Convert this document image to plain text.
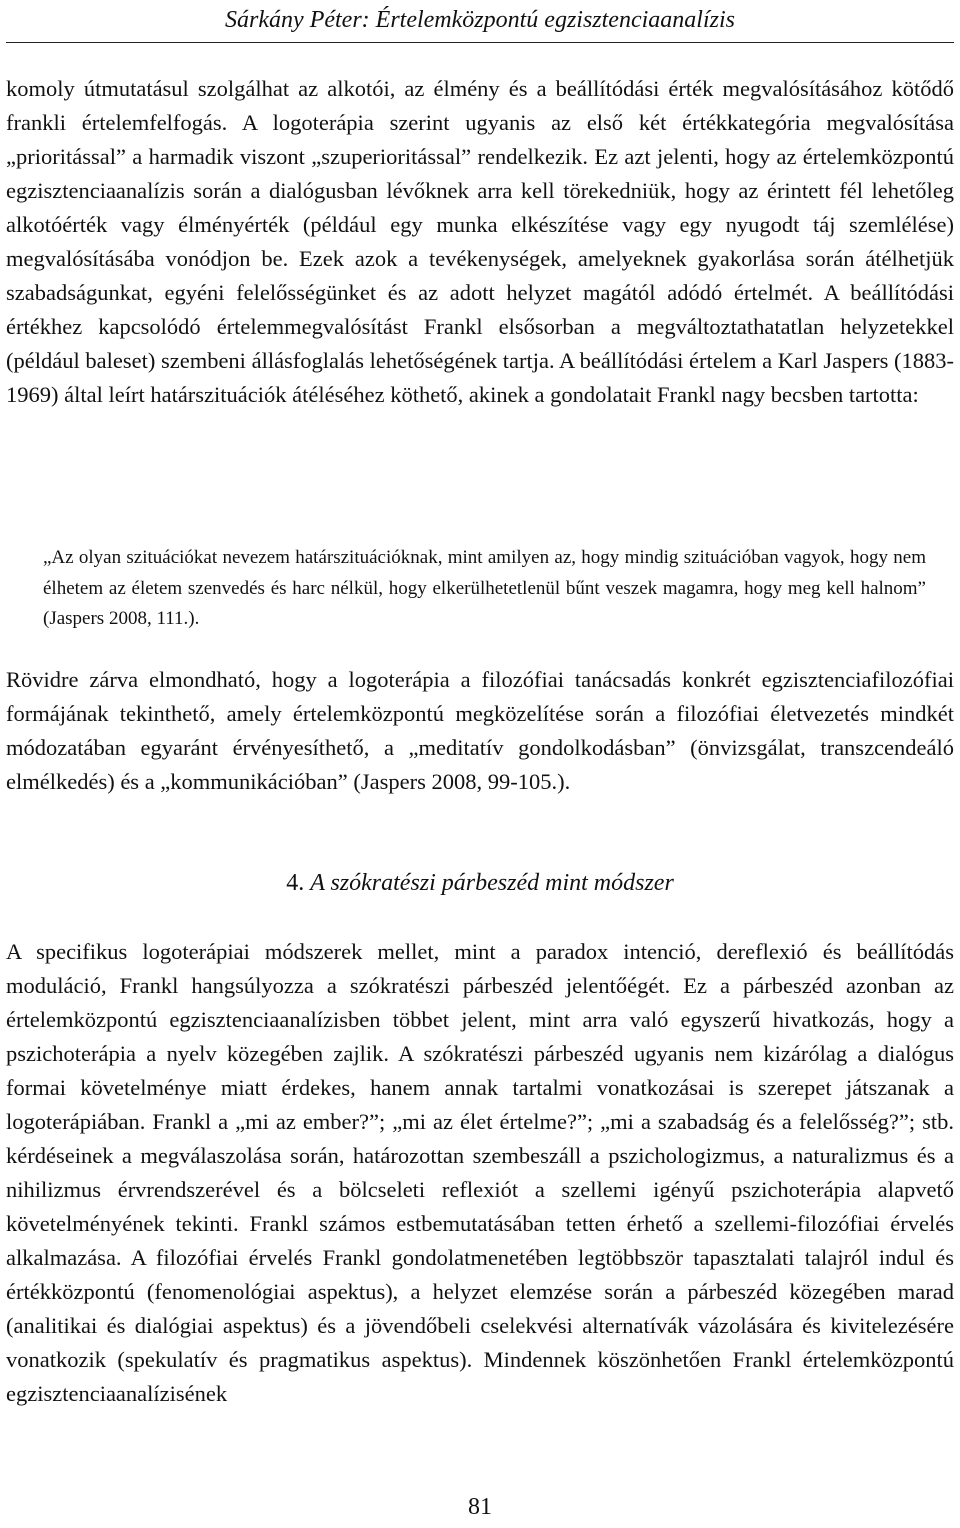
Sárkány Péter: Értelemközpontú egzisztenciaanalízis

komoly útmutatásul szolgálhat az alkotói, az élmény és a beállítódási érték megvalósításához kötődő frankli értelemfelfogás. A logoterápia szerint ugyanis az első két értékkategória megvalósítása „prioritással” a harmadik viszont „szuperioritással” rendelkezik. Ez azt jelenti, hogy az értelemközpontú egzisztenciaanalízis során a dialógusban lévőknek arra kell törekedniük, hogy az érintett fél lehetőleg alkotóérték vagy élményérték (például egy munka elkészítése vagy egy nyugodt táj szemlélése) megvalósításába vonódjon be. Ezek azok a tevékenységek, amelyeknek gyakorlása során átélhetjük szabadságunkat, egyéni felelősségünket és az adott helyzet magától adódó értelmét. A beállítódási értékhez kapcsolódó értelemmegvalósítást Frankl elsősorban a megváltoztathatatlan helyzetekkel (például baleset) szembeni állásfoglalás lehetőségének tartja. A beállítódási értelem a Karl Jaspers (1883-1969) által leírt határszituációk átéléséhez köthető, akinek a gondolatait Frankl nagy becsben tartotta:

„Az olyan szituációkat nevezem határszituációknak, mint amilyen az, hogy mindig szituációban vagyok, hogy nem élhetem az életem szenvedés és harc nélkül, hogy elkerülhetetlenül bűnt veszek magamra, hogy meg kell halnom” (Jaspers 2008, 111.).

Rövidre zárva elmondható, hogy a logoterápia a filozófiai tanácsadás konkrét egzisztenciafilozófiai formájának tekinthető, amely értelemközpontú megközelítése során a filozófiai életvezetés mindkét módozatában egyaránt érvényesíthető, a „meditatív gondolkodásban” (önvizsgálat, transzcendeáló elmélkedés) és a „kommunikációban” (Jaspers 2008, 99-105.).

4. A szókratészi párbeszéd mint módszer

A specifikus logoterápiai módszerek mellet, mint a paradox intenció, dereflexió és beállítódás moduláció, Frankl hangsúlyozza a szókratészi párbeszéd jelentőégét. Ez a párbeszéd azonban az értelemközpontú egzisztenciaanalízisben többet jelent, mint arra való egyszerű hivatkozás, hogy a pszichoterápia a nyelv közegében zajlik. A szókratészi párbeszéd ugyanis nem kizárólag a dialógus formai követelménye miatt érdekes, hanem annak tartalmi vonatkozásai is szerepet játszanak a logoterápiában. Frankl a „mi az ember?”; „mi az élet értelme?”; „mi a szabadság és a felelősség?”; stb. kérdéseinek a megválaszolása során, határozottan szembeszáll a pszichologizmus, a naturalizmus és a nihilizmus érvrendszerével és a bölcseleti reflexiót a szellemi igényű pszichoterápia alapvető követelményének tekinti. Frankl számos estbemutatásában tetten érhető a szellemi-filozófiai érvelés alkalmazása. A filozófiai érvelés Frankl gondolatmenetében legtöbbször tapasztalati talajról indul és értékközpontú (fenomenológiai aspektus), a helyzet elemzése során a párbeszéd közegében marad (analitikai és dialógiai aspektus) és a jövendőbeli cselekvési alternatívák vázolására és kivitelezésére vonatkozik (spekulatív és pragmatikus aspektus). Mindennek köszönhetően Frankl értelemközpontú egzisztenciaanalízisének

81
